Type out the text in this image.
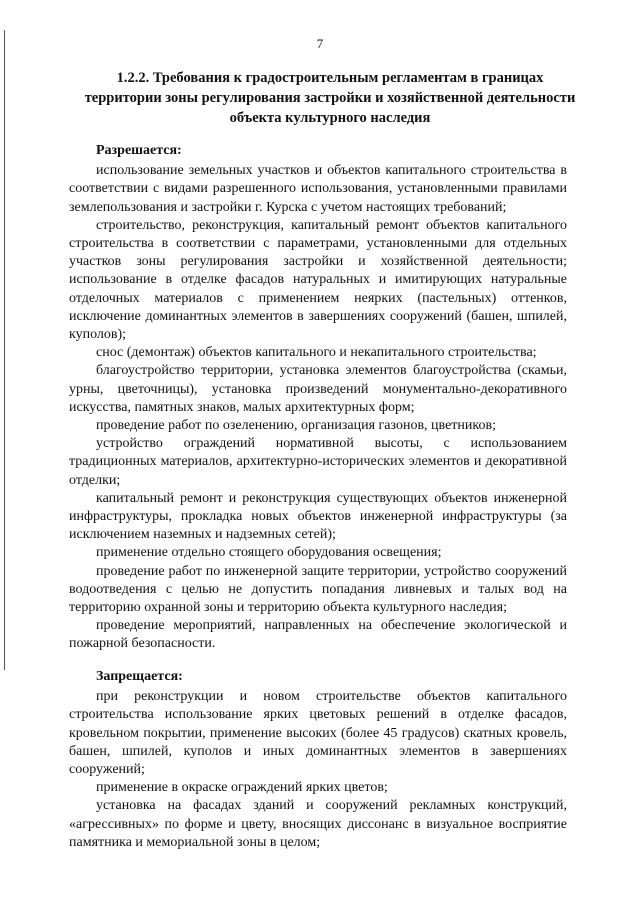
7
1.2.2. Требования к градостроительным регламентам в границах территории зоны регулирования застройки и хозяйственной деятельности объекта культурного наследия

Разрешается:

использование земельных участков и объектов капитального строительства в соответствии с видами разрешенного использования, установленными правилами землепользования и застройки г. Курска с учетом настоящих требований;

строительство, реконструкция, капитальный ремонт объектов капитального строительства в соответствии с параметрами, установленными для отдельных участков зоны регулирования застройки и хозяйственной деятельности; использование в отделке фасадов натуральных и имитирующих натуральные отделочных материалов с применением неярких (пастельных) оттенков, исключение доминантных элементов в завершениях сооружений (башен, шпилей, куполов);

снос (демонтаж) объектов капитального и некапитального строительства;

благоустройство территории, установка элементов благоустройства (скамьи, урны, цветочницы), установка произведений монументально-декоративного искусства, памятных знаков, малых архитектурных форм;

проведение работ по озеленению, организация газонов, цветников;

устройство ограждений нормативной высоты, с использованием традиционных материалов, архитектурно-исторических элементов и декоративной отделки;

капитальный ремонт и реконструкция существующих объектов инженерной инфраструктуры, прокладка новых объектов инженерной инфраструктуры (за исключением наземных и надземных сетей);

применение отдельно стоящего оборудования освещения;

проведение работ по инженерной защите территории, устройство сооружений водоотведения с целью не допустить попадания ливневых и талых вод на территорию охранной зоны и территорию объекта культурного наследия;

проведение мероприятий, направленных на обеспечение экологической и пожарной безопасности.

Запрещается:

при реконструкции и новом строительстве объектов капитального строительства использование ярких цветовых решений в отделке фасадов, кровельном покрытии, применение высоких (более 45 градусов) скатных кровель, башен, шпилей, куполов и иных доминантных элементов в завершениях сооружений;

применение в окраске ограждений ярких цветов;

установка на фасадах зданий и сооружений рекламных конструкций, «агрессивных» по форме и цвету, вносящих диссонанс в визуальное восприятие памятника и мемориальной зоны в целом;
